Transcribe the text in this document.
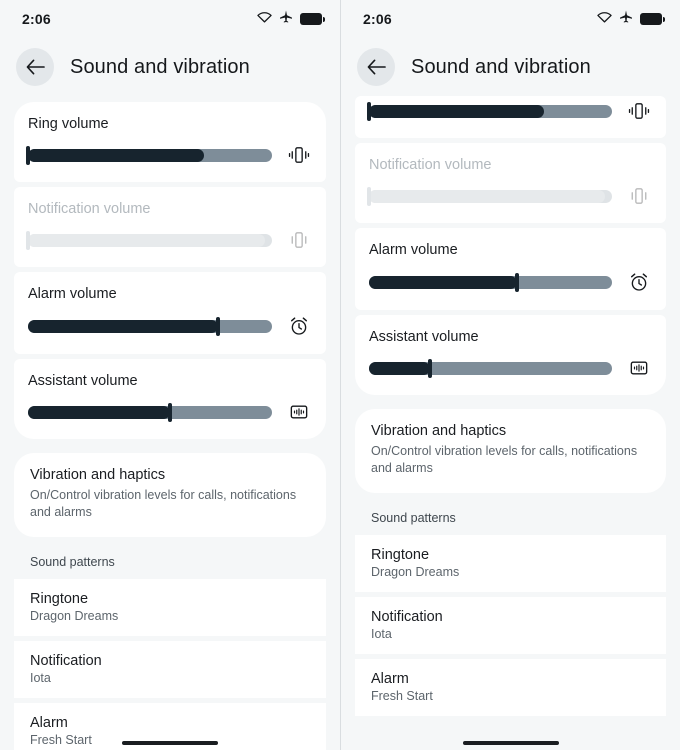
2:06
Sound and vibration
Ring volume
Notification volume
Alarm volume
Assistant volume
Vibration and haptics
On/Control vibration levels for calls, notifications and alarms
Sound patterns
Ringtone
Dragon Dreams
Notification
Iota
Alarm
Fresh Start
2:06
Sound and vibration
Notification volume
Alarm volume
Assistant volume
Vibration and haptics
On/Control vibration levels for calls, notifications and alarms
Sound patterns
Ringtone
Dragon Dreams
Notification
Iota
Alarm
Fresh Start
